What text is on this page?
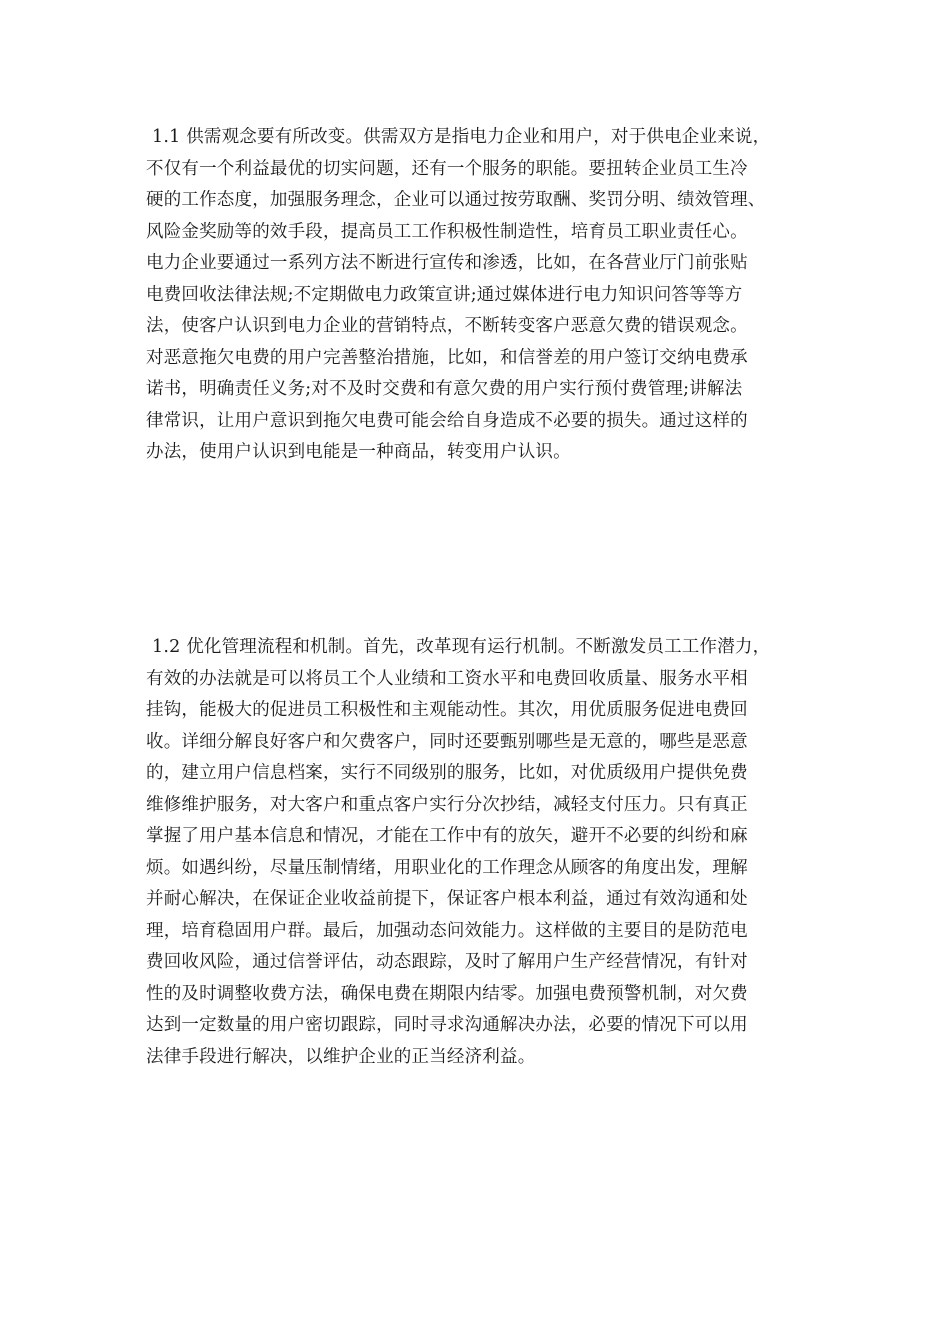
1.1 供需观念要有所改变。供需双方是指电力企业和用户，对于供电企业来说，
不仅有一个利益最优的切实问题，还有一个服务的职能。要扭转企业员工生冷
硬的工作态度，加强服务理念，企业可以通过按劳取酬、奖罚分明、绩效管理、
风险金奖励等的效手段，提高员工工作积极性制造性，培育员工职业责任心。
电力企业要通过一系列方法不断进行宣传和渗透，比如，在各营业厅门前张贴
电费回收法律法规;不定期做电力政策宣讲;通过媒体进行电力知识问答等等方
法，使客户认识到电力企业的营销特点，不断转变客户恶意欠费的错误观念。
对恶意拖欠电费的用户完善整治措施，比如，和信誉差的用户签订交纳电费承
诺书，明确责任义务;对不及时交费和有意欠费的用户实行预付费管理;讲解法
律常识，让用户意识到拖欠电费可能会给自身造成不必要的损失。通过这样的
办法，使用户认识到电能是一种商品，转变用户认识。
1.2 优化管理流程和机制。首先，改革现有运行机制。不断激发员工工作潜力，
有效的办法就是可以将员工个人业绩和工资水平和电费回收质量、服务水平相
挂钩，能极大的促进员工积极性和主观能动性。其次，用优质服务促进电费回
收。详细分解良好客户和欠费客户，同时还要甄别哪些是无意的，哪些是恶意
的，建立用户信息档案，实行不同级别的服务，比如，对优质级用户提供免费
维修维护服务，对大客户和重点客户实行分次抄结，减轻支付压力。只有真正
掌握了用户基本信息和情况，才能在工作中有的放矢，避开不必要的纠纷和麻
烦。如遇纠纷，尽量压制情绪，用职业化的工作理念从顾客的角度出发，理解
并耐心解决，在保证企业收益前提下，保证客户根本利益，通过有效沟通和处
理，培育稳固用户群。最后，加强动态问效能力。这样做的主要目的是防范电
费回收风险，通过信誉评估，动态跟踪，及时了解用户生产经营情况，有针对
性的及时调整收费方法，确保电费在期限内结零。加强电费预警机制，对欠费
达到一定数量的用户密切跟踪，同时寻求沟通解决办法，必要的情况下可以用
法律手段进行解决，以维护企业的正当经济利益。
